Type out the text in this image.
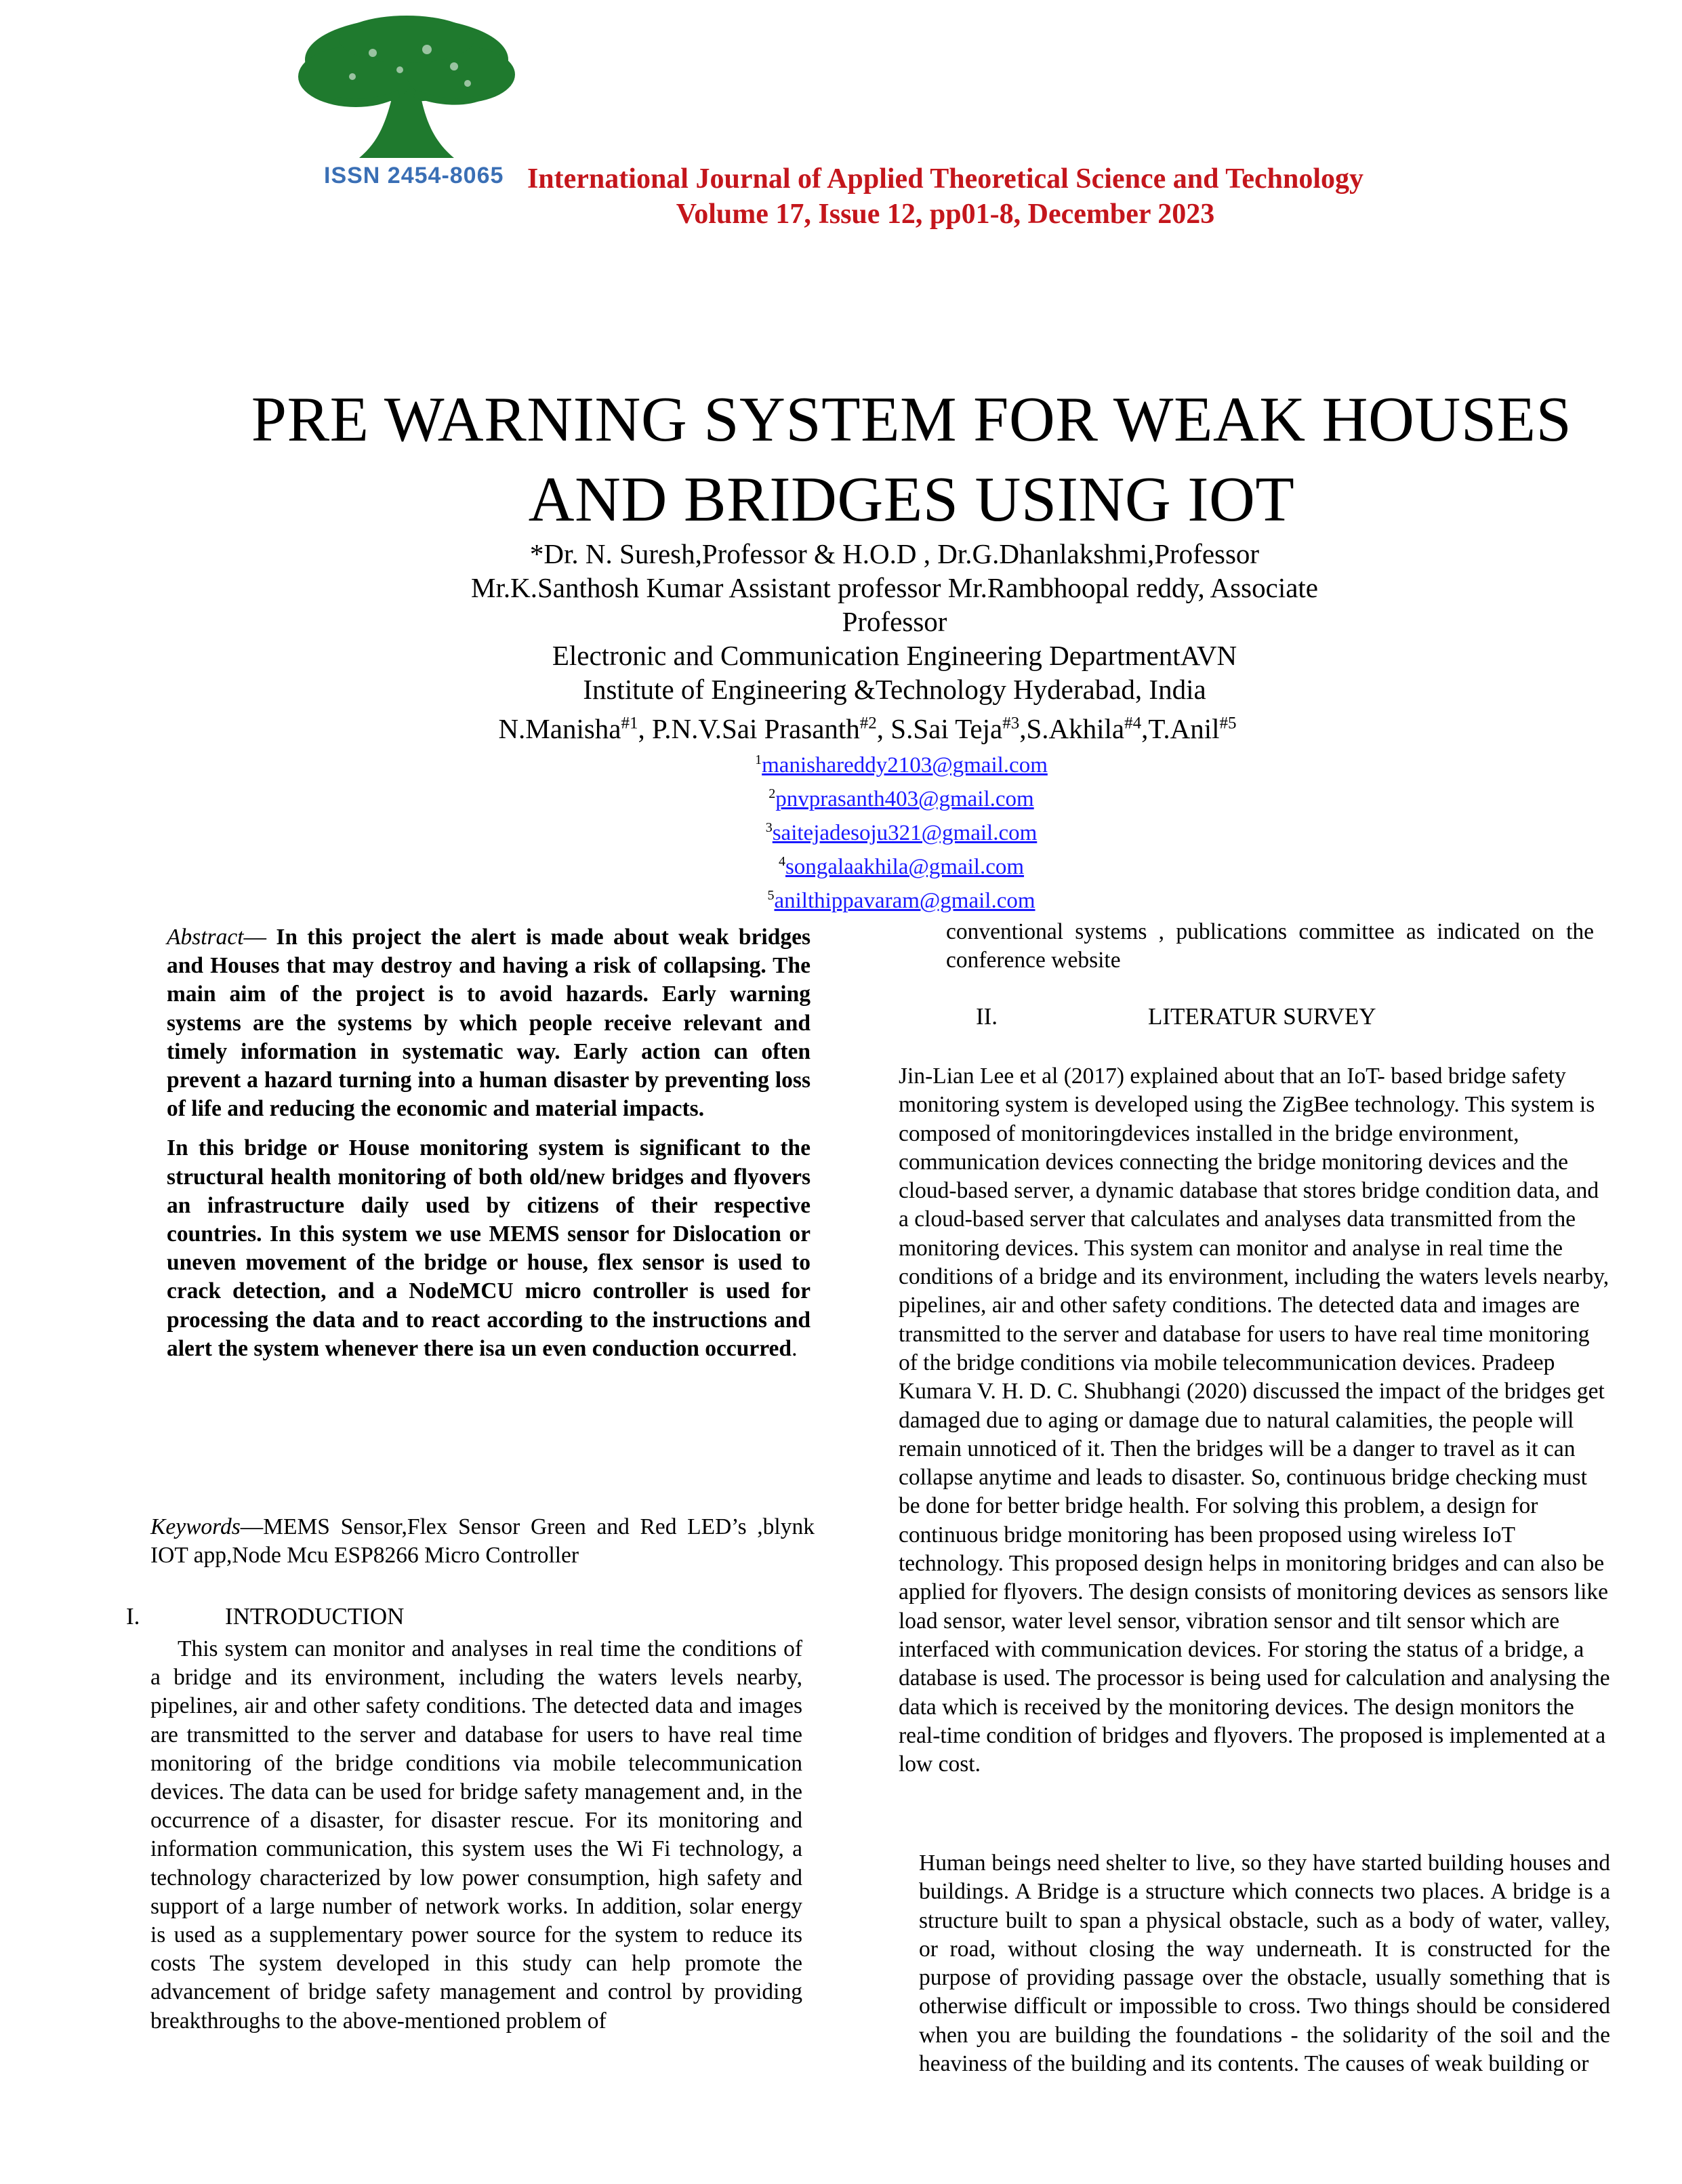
ISSN 2454-8065 International Journal of Applied Theoretical Science and Technology
Volume 17, Issue 12, pp01-8, December 2023
PRE WARNING SYSTEM FOR WEAK HOUSES
AND BRIDGES USING IOT
*Dr. N. Suresh,Professor & H.O.D , Dr.G.Dhanlakshmi,Professor
Mr.K.Santhosh Kumar Assistant professor Mr.Rambhoopal reddy, Associate
Professor
Electronic and Communication Engineering DepartmentAVN
Institute of Engineering &Technology Hyderabad, India
N.Manisha$^{\#1}$, P.N.V.Sai Prasanth$^{\#2}$, S.Sai Teja$^{\#3}$,S.Akhila$^{\#4}$,T.Anil$^{\#5}$
$^1$manishareddy2103@gmail.com
$^2$pnvprasanth403@gmail.com
$^3$saitejadesoju321@gmail.com
$^4$songalaakhila@gmail.com
$^5$anilthippavaram@gmail.com

Abstract— In this project the alert is made about weak bridges and Houses that may destroy and having a risk of collapsing. The main aim of the project is to avoid hazards. Early warning systems are the systems by which people receive relevant and timely information in systematic way. Early action can often prevent a hazard turning into a human disaster by preventing loss of life and reducing the economic and material impacts.

In this bridge or House monitoring system is significant to the structural health monitoring of both old/new bridges and flyovers an infrastructure daily used by citizens of their respective countries. In this system we use MEMS sensor for Dislocation or uneven movement of the bridge or house, flex sensor is used to crack detection, and a NodeMCU micro controller is used for processing the data and to react according to the instructions and alert the system whenever there isa un even conduction occurred.

Keywords—MEMS Sensor,Flex Sensor Green and Red LED’s ,blynk IOT app,Node Mcu ESP8266 Micro Controller
I.	INTRODUCTION

This system can monitor and analyses in real time the conditions of a bridge and its environment, including the waters levels nearby, pipelines, air and other safety conditions. The detected data and images are transmitted to the server and database for users to have real time monitoring of the bridge conditions via mobile telecommunication devices. The data can be used for bridge safety management and, in the occurrence of a disaster, for disaster rescue. For its monitoring and information communication, this system uses the Wi Fi technology, a technology characterized by low power consumption, high safety and support of a large number of network works. In addition, solar energy is used as a supplementary power source for the system to reduce its costs The system developed in this study can help promote the advancement of bridge safety management and control by providing breakthroughs to the above-mentioned problem of

conventional systems , publications committee as indicated on the conference website

II.	LITERATUR SURVEY

Jin-Lian Lee et al (2017) explained about that an IoT- based bridge safety monitoring system is developed using the ZigBee technology. This system is composed of monitoringdevices installed in the bridge environment, communication devices connecting the bridge monitoring devices and the cloud-based server, a dynamic database that stores bridge condition data, and a cloud-based server that calculates and analyses data transmitted from the monitoring devices. This system can monitor and analyse in real time the conditions of a bridge and its environment, including the waters levels nearby, pipelines, air and other safety conditions. The detected data and images are transmitted to the server and database for users to have real time monitoring of the bridge conditions via mobile telecommunication devices. Pradeep Kumara V. H. D. C. Shubhangi (2020) discussed the impact of the bridges get damaged due to aging or damage due to natural calamities, the people will remain unnoticed of it. Then the bridges will be a danger to travel as it can collapse anytime and leads to disaster. So, continuous bridge checking must be done for better bridge health. For solving this problem, a design for continuous bridge monitoring has been proposed using wireless IoT technology. This proposed design helps in monitoring bridges and can also be applied for flyovers. The design consists of monitoring devices as sensors like load sensor, water level sensor, vibration sensor and tilt sensor which are interfaced with communication devices. For storing the status of a bridge, a database is used. The processor is being used for calculation and analysing the data which is received by the monitoring devices. The design monitors the real-time condition of bridges and flyovers. The proposed is implemented at a low cost.

Human beings need shelter to live, so they have started building houses and buildings. A Bridge is a structure which connects two places. A bridge is a structure built to span a physical obstacle, such as a body of water, valley, or road, without closing the way underneath. It is constructed for the purpose of providing passage over the obstacle, usually something that is otherwise difficult or impossible to cross. Two things should be considered when you are building the foundations - the solidarity of the soil and the heaviness of the building and its contents. The causes of weak building or
